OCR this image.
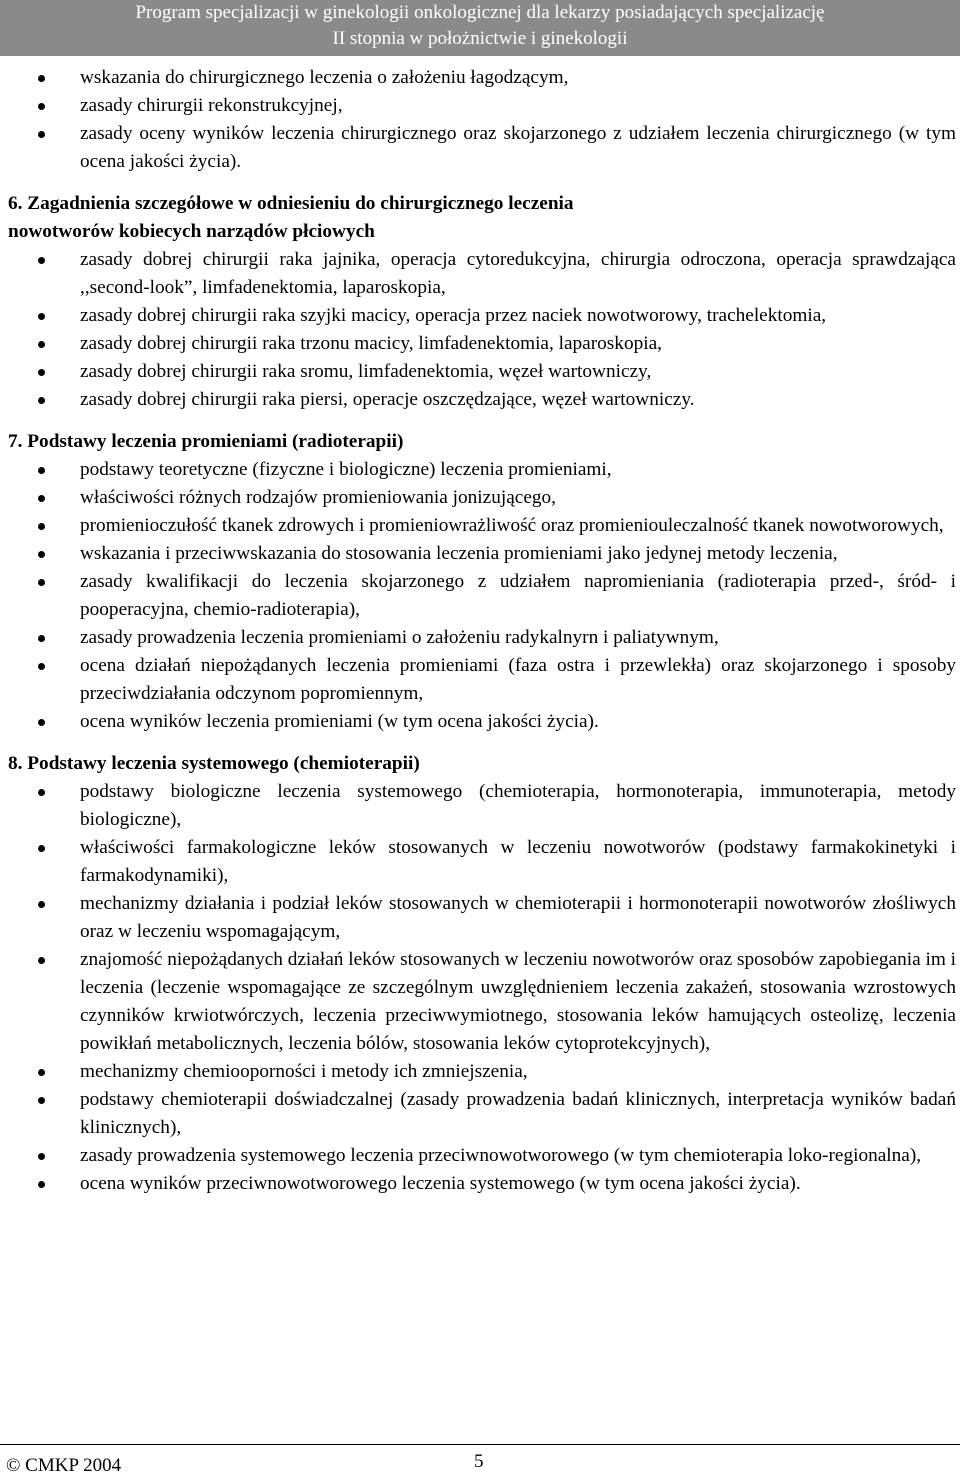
Program specjalizacji w ginekologii onkologicznej dla lekarzy posiadających specjalizację
II stopnia w położnictwie i ginekologii
wskazania do chirurgicznego leczenia o założeniu łagodzącym,
zasady chirurgii rekonstrukcyjnej,
zasady oceny wyników leczenia chirurgicznego oraz skojarzonego z udziałem leczenia chirurgicznego (w tym ocena jakości życia).
6. Zagadnienia szczegółowe w odniesieniu do chirurgicznego leczenia
nowotworów kobiecych narządów płciowych
zasady dobrej chirurgii raka jajnika, operacja cytoredukcyjna, chirurgia odroczona, operacja sprawdzająca ,,second-look”, limfadenektomia, laparoskopia,
zasady dobrej chirurgii raka szyjki macicy, operacja przez naciek nowotworowy, trachelektomia,
zasady dobrej chirurgii raka trzonu macicy, limfadenektomia, laparoskopia,
zasady dobrej chirurgii raka sromu, limfadenektomia, węzeł wartowniczy,
zasady dobrej chirurgii raka piersi, operacje oszczędzające, węzeł wartowniczy.
7. Podstawy leczenia promieniami (radioterapii)
podstawy teoretyczne (fizyczne i biologiczne) leczenia promieniami,
właściwości różnych rodzajów promieniowania jonizującego,
promienioczułość tkanek zdrowych i promieniowrażliwość oraz promieniouleczalność tkanek nowotworowych,
wskazania i przeciwwskazania do stosowania leczenia promieniami jako jedynej metody leczenia,
zasady kwalifikacji do leczenia skojarzonego z udziałem napromieniania (radioterapia przed-, śród- i pooperacyjna, chemio-radioterapia),
zasady prowadzenia leczenia promieniami o założeniu radykalnyrn i paliatywnym,
ocena działań niepożądanych leczenia promieniami (faza ostra i przewlekła) oraz skojarzonego i sposoby przeciwdziałania odczynom popromiennym,
ocena wyników leczenia promieniami (w tym ocena jakości życia).
8. Podstawy leczenia systemowego (chemioterapii)
podstawy biologiczne leczenia systemowego (chemioterapia, hormonoterapia, immunoterapia, metody biologiczne),
właściwości farmakologiczne leków stosowanych w leczeniu nowotworów (podstawy farmakokinetyki i farmakodynamiki),
mechanizmy działania i podział leków stosowanych w chemioterapii i hormonoterapii nowotworów złośliwych oraz w leczeniu wspomagającym,
znajomość niepożądanych działań leków stosowanych w leczeniu nowotworów oraz sposobów zapobiegania im i leczenia (leczenie wspomagające ze szczególnym uwzględnieniem leczenia zakażeń, stosowania wzrostowych czynników krwiotwórczych, leczenia przeciwwymiotnego, stosowania leków hamujących osteolizę, leczenia powikłań metabolicznych, leczenia bólów, stosowania leków cytoprotekcyjnych),
mechanizmy chemiooporności i metody ich zmniejszenia,
podstawy chemioterapii doświadczalnej (zasady prowadzenia badań klinicznych, interpretacja wyników badań klinicznych),
zasady prowadzenia systemowego leczenia przeciwnowotworowego (w tym chemioterapia loko-regionalna),
ocena wyników przeciwnowotworowego leczenia systemowego (w tym ocena jakości życia).
© CMKP 2004	5
